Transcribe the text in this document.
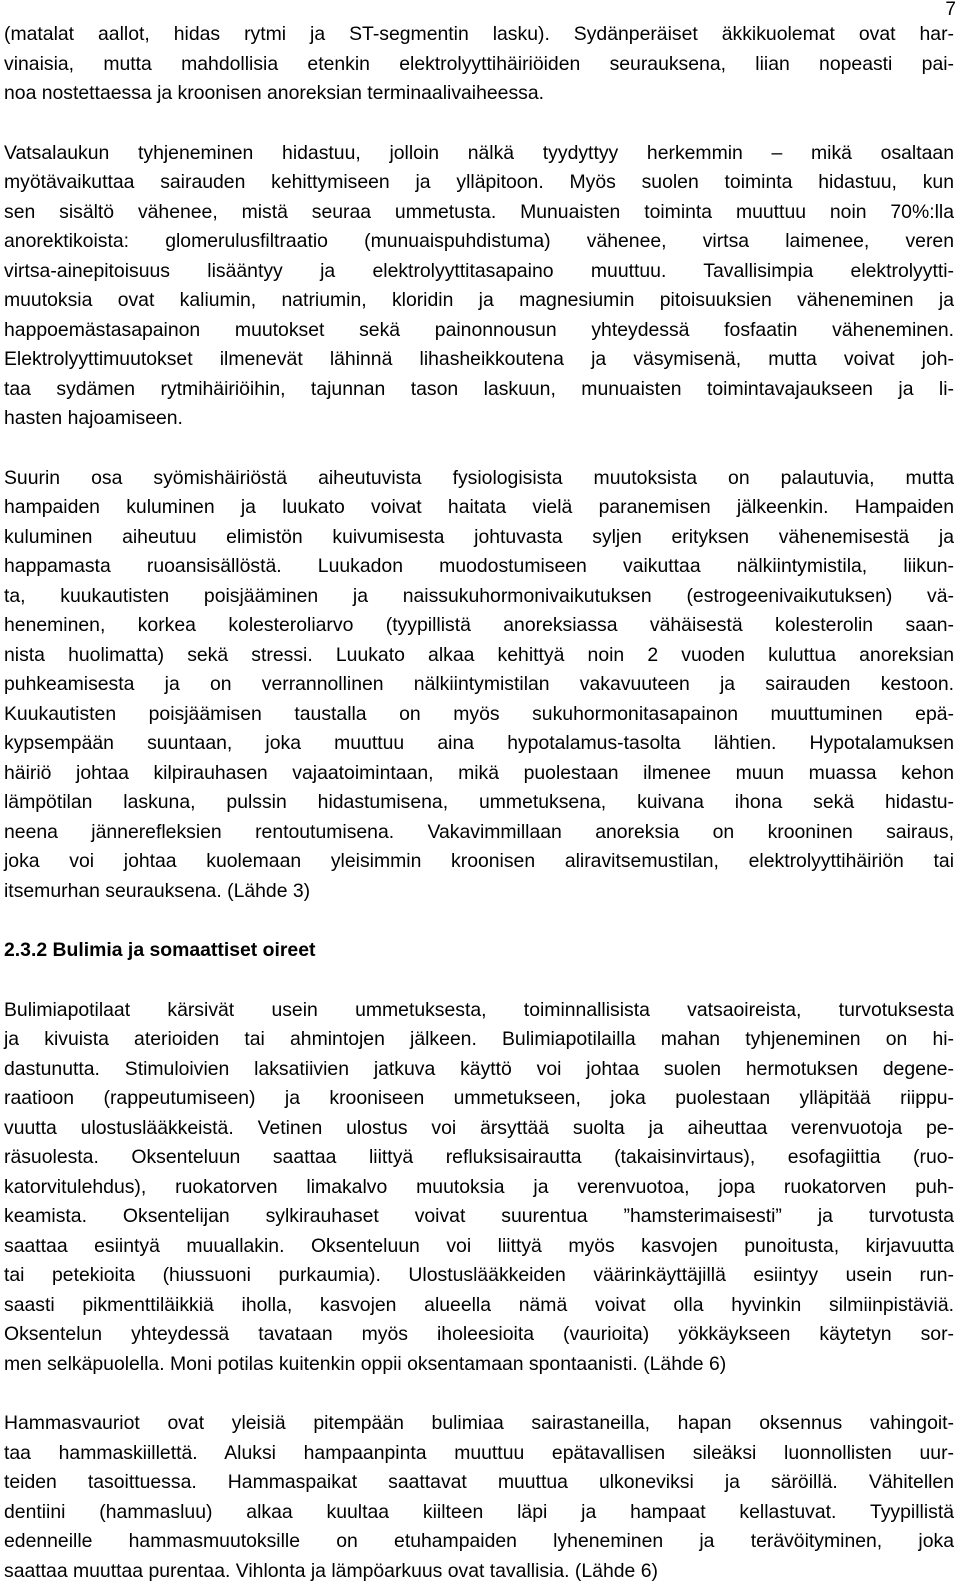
7
(matalat aallot, hidas rytmi ja ST-segmentin lasku). Sydänperäiset äkkikuolemat ovat har-
vinaisia, mutta mahdollisia etenkin elektrolyyttihäiriöiden seurauksena, liian nopeasti pai-
noa nostettaessa ja kroonisen anoreksian terminaalivaiheessa.
Vatsalaukun tyhjeneminen hidastuu, jolloin nälkä tyydyttyy herkemmin – mikä osaltaan
myötävaikuttaa sairauden kehittymiseen ja ylläpitoon. Myös suolen toiminta hidastuu, kun
sen sisältö vähenee, mistä seuraa ummetusta. Munuaisten toiminta muuttuu noin 70%:lla
anorektikoista: glomerulusfiltraatio (munuaispuhdistuma) vähenee, virtsa laimenee, veren
virtsa-ainepitoisuus lisääntyy ja elektrolyyttitasapaino muuttuu. Tavallisimpia elektrolyytti-
muutoksia ovat kaliumin, natriumin, kloridin ja magnesiumin pitoisuuksien väheneminen ja
happoemästasapainon muutokset sekä painonnousun yhteydessä fosfaatin väheneminen.
Elektrolyyttimuutokset ilmenevät lähinnä lihasheikkoutena ja väsymisenä, mutta voivat joh-
taa sydämen rytmihäiriöihin, tajunnan tason laskuun, munuaisten toimintavajaukseen ja li-
hasten hajoamiseen.
Suurin osa syömishäiriöstä aiheutuvista fysiologisista muutoksista on palautuvia, mutta
hampaiden kuluminen ja luukato voivat haitata vielä paranemisen jälkeenkin. Hampaiden
kuluminen aiheutuu elimistön kuivumisesta johtuvasta syljen erityksen vähenemisestä ja
happamasta ruoansisällöstä. Luukadon muodostumiseen vaikuttaa nälkiintymistila, liikun-
ta, kuukautisten poisjääminen ja naissukuhormonivaikutuksen (estrogeenivaikutuksen) vä-
heneminen, korkea kolesteroliarvo (tyypillistä anoreksiassa vähäisestä kolesterolin saan-
nista huolimatta) sekä stressi. Luukato alkaa kehittyä noin 2 vuoden kuluttua anoreksian
puhkeamisesta ja on verrannollinen nälkiintymistilan vakavuuteen ja sairauden kestoon.
Kuukautisten poisjäämisen taustalla on myös sukuhormonitasapainon muuttuminen epä-
kypsempään suuntaan, joka muuttuu aina hypotalamus-tasolta lähtien. Hypotalamuksen
häiriö johtaa kilpirauhasen vajaatoimintaan, mikä puolestaan ilmenee muun muassa kehon
lämpötilan laskuna, pulssin hidastumisena, ummetuksena, kuivana ihona sekä hidastu-
neena jännerefleksien rentoutumisena. Vakavimmillaan anoreksia on krooninen sairaus,
joka voi johtaa kuolemaan yleisimmin kroonisen aliravitsemustilan, elektrolyyttihäiriön tai
itsemurhan seurauksena. (Lähde 3)
2.3.2 Bulimia ja somaattiset oireet
Bulimiapotilaat kärsivät usein ummetuksesta, toiminnallisista vatsaoireista, turvotuksesta
ja kivuista aterioiden tai ahmintojen jälkeen. Bulimiapotilailla mahan tyhjeneminen on hi-
dastunutta. Stimuloivien laksatiivien jatkuva käyttö voi johtaa suolen hermotuksen degene-
raatioon (rappeutumiseen) ja krooniseen ummetukseen, joka puolestaan ylläpitää riippu-
vuutta ulostuslääkkeistä. Vetinen ulostus voi ärsyttää suolta ja aiheuttaa verenvuotoja pe-
räsuolesta. Oksenteluun saattaa liittyä refluksisairautta (takaisinvirtaus), esofagiittia (ruo-
katorvitulehdus), ruokatorven limakalvo muutoksia ja verenvuotoa, jopa ruokatorven puh-
keamista. Oksentelijan sylkirauhaset voivat suurentua ”hamsterimaisesti” ja turvotusta
saattaa esiintyä muuallakin. Oksenteluun voi liittyä myös kasvojen punoitusta, kirjavuutta
tai petekioita (hiussuoni purkaumia). Ulostuslääkkeiden väärinkäyttäjillä esiintyy usein run-
saasti pikmenttiläikkiä iholla, kasvojen alueella nämä voivat olla hyvinkin silmiinpistäviä.
Oksentelun yhteydessä tavataan myös iholeesioita (vaurioita) yökkäykseen käytetyn sor-
men selkäpuolella. Moni potilas kuitenkin oppii oksentamaan spontaanisti. (Lähde 6)
Hammasvauriot ovat yleisiä pitempään bulimiaa sairastaneilla, hapan oksennus vahingoit-
taa hammaskiillettä. Aluksi hampaanpinta muuttuu epätavallisen sileäksi luonnollisten uur-
teiden tasoittuessa. Hammaspaikat saattavat muuttua ulkoneviksi ja säröillä. Vähitellen
dentiini (hammasluu) alkaa kuultaa kiilteen läpi ja hampaat kellastuvat. Tyypillistä
edenneille hammasmuutoksille on etuhampaiden lyheneminen ja terävöityminen, joka
saattaa muuttaa purentaa. Vihlonta ja lämpöarkuus ovat tavallisia. (Lähde 6)
